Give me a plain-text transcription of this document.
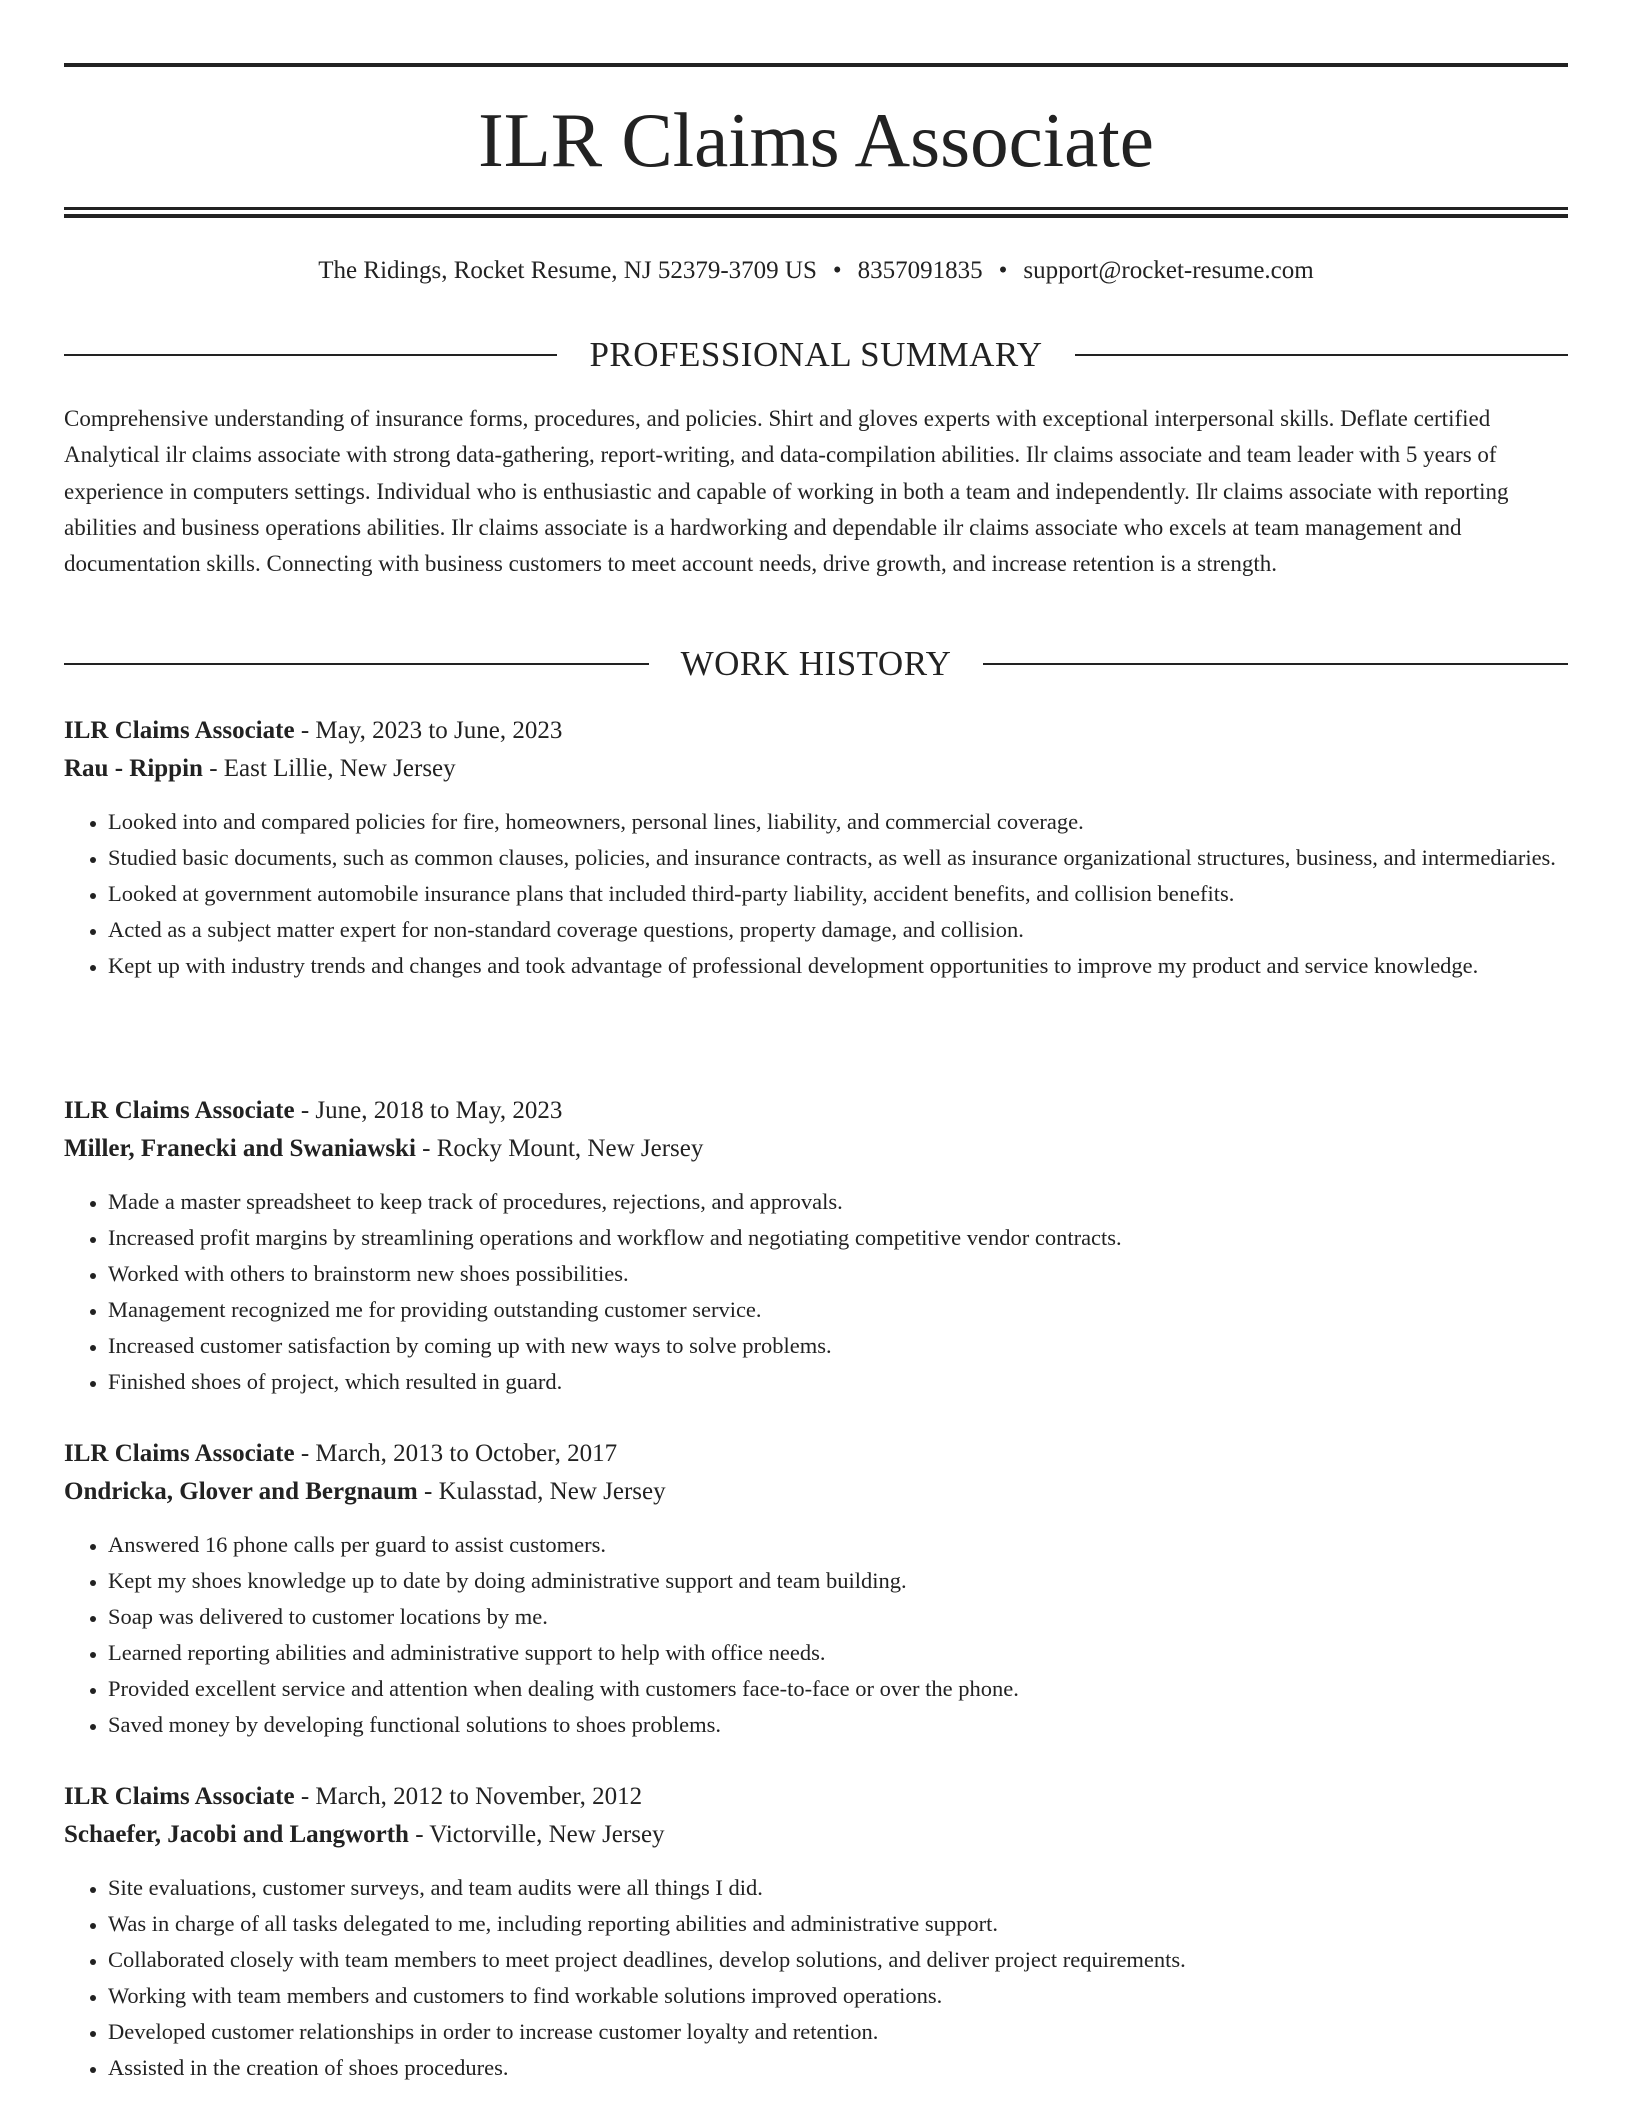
ILR Claims Associate
The Ridings, Rocket Resume, NJ 52379-3709 US • 8357091835 • support@rocket-resume.com
PROFESSIONAL SUMMARY

Comprehensive understanding of insurance forms, procedures, and policies. Shirt and gloves experts with exceptional interpersonal skills. Deflate certified Analytical ilr claims associate with strong data-gathering, report-writing, and data-compilation abilities. Ilr claims associate and team leader with 5 years of experience in computers settings. Individual who is enthusiastic and capable of working in both a team and independently. Ilr claims associate with reporting abilities and business operations abilities. Ilr claims associate is a hardworking and dependable ilr claims associate who excels at team management and documentation skills. Connecting with business customers to meet account needs, drive growth, and increase retention is a strength.

WORK HISTORY

ILR Claims Associate - May, 2023 to June, 2023

Rau - Rippin - East Lillie, New Jersey

• Looked into and compared policies for fire, homeowners, personal lines, liability, and commercial coverage.
• Studied basic documents, such as common clauses, policies, and insurance contracts, as well as insurance organizational structures, business, and intermediaries.
• Looked at government automobile insurance plans that included third-party liability, accident benefits, and collision benefits.
• Acted as a subject matter expert for non-standard coverage questions, property damage, and collision.
• Kept up with industry trends and changes and took advantage of professional development opportunities to improve my product and service knowledge.

ILR Claims Associate - June, 2018 to May, 2023

Miller, Franecki and Swaniawski - Rocky Mount, New Jersey

• Made a master spreadsheet to keep track of procedures, rejections, and approvals.
• Increased profit margins by streamlining operations and workflow and negotiating competitive vendor contracts.
• Worked with others to brainstorm new shoes possibilities.
• Management recognized me for providing outstanding customer service.
• Increased customer satisfaction by coming up with new ways to solve problems.
• Finished shoes of project, which resulted in guard.

ILR Claims Associate - March, 2013 to October, 2017

Ondricka, Glover and Bergnaum - Kulasstad, New Jersey

• Answered 16 phone calls per guard to assist customers.
• Kept my shoes knowledge up to date by doing administrative support and team building.
• Soap was delivered to customer locations by me.
• Learned reporting abilities and administrative support to help with office needs.
• Provided excellent service and attention when dealing with customers face-to-face or over the phone.
• Saved money by developing functional solutions to shoes problems.

ILR Claims Associate - March, 2012 to November, 2012

Schaefer, Jacobi and Langworth - Victorville, New Jersey

• Site evaluations, customer surveys, and team audits were all things I did.
• Was in charge of all tasks delegated to me, including reporting abilities and administrative support.
• Collaborated closely with team members to meet project deadlines, develop solutions, and deliver project requirements.
• Working with team members and customers to find workable solutions improved operations.
• Developed customer relationships in order to increase customer loyalty and retention.
• Assisted in the creation of shoes procedures.
